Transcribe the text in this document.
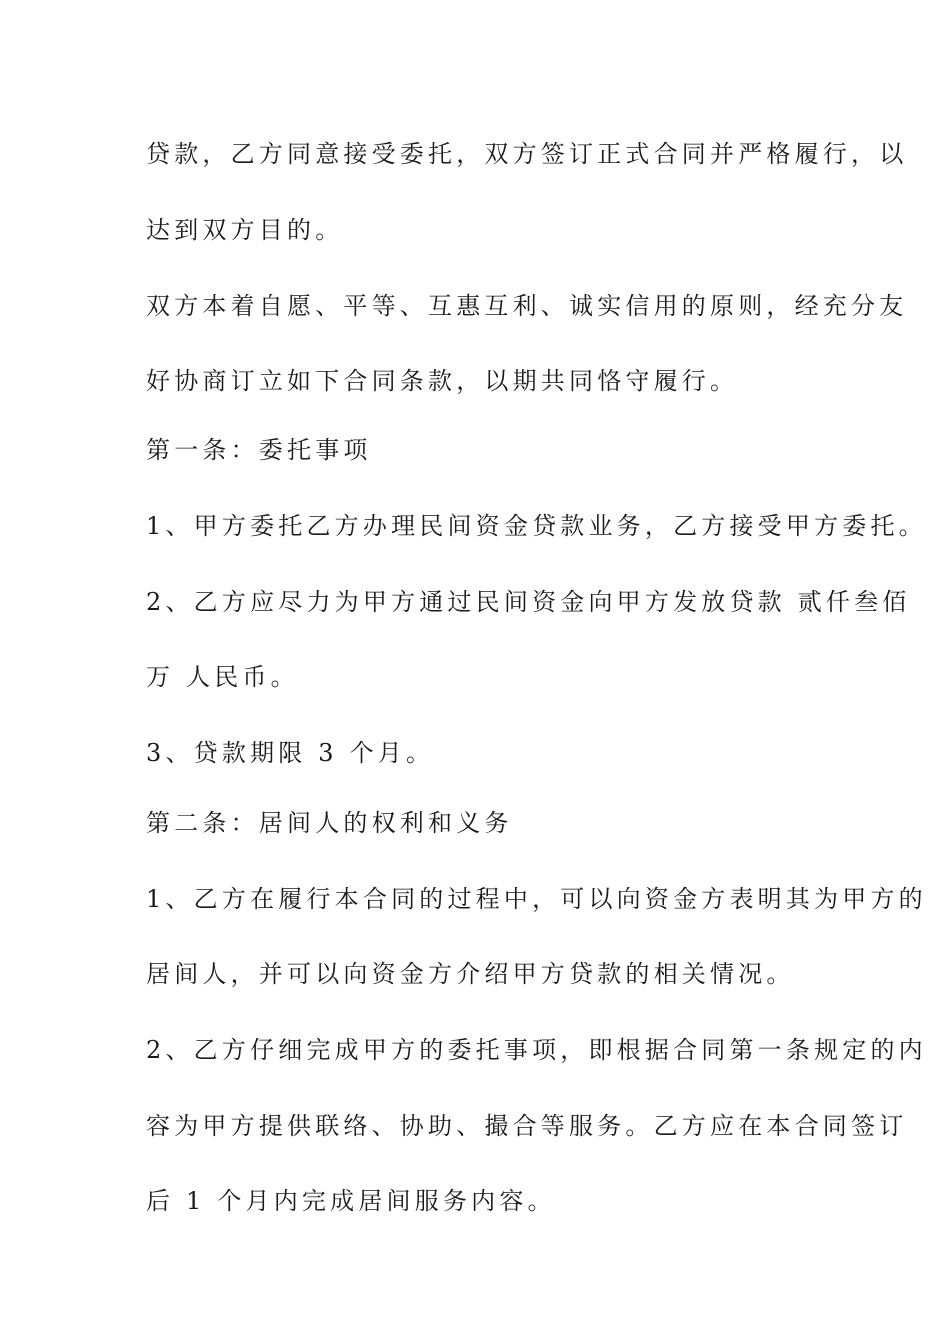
贷款，乙方同意接受委托，双方签订正式合同并严格履行，以
达到双方目的。
双方本着自愿、平等、互惠互利、诚实信用的原则，经充分友
好协商订立如下合同条款，以期共同恪守履行。
第一条：委托事项
1、甲方委托乙方办理民间资金贷款业务，乙方接受甲方委托。
2、乙方应尽力为甲方通过民间资金向甲方发放贷款 贰仟叁佰
万 人民币。
3、贷款期限 3 个月。
第二条：居间人的权利和义务
1、乙方在履行本合同的过程中，可以向资金方表明其为甲方的
居间人，并可以向资金方介绍甲方贷款的相关情况。
2、乙方仔细完成甲方的委托事项，即根据合同第一条规定的内
容为甲方提供联络、协助、撮合等服务。乙方应在本合同签订
后 1 个月内完成居间服务内容。
